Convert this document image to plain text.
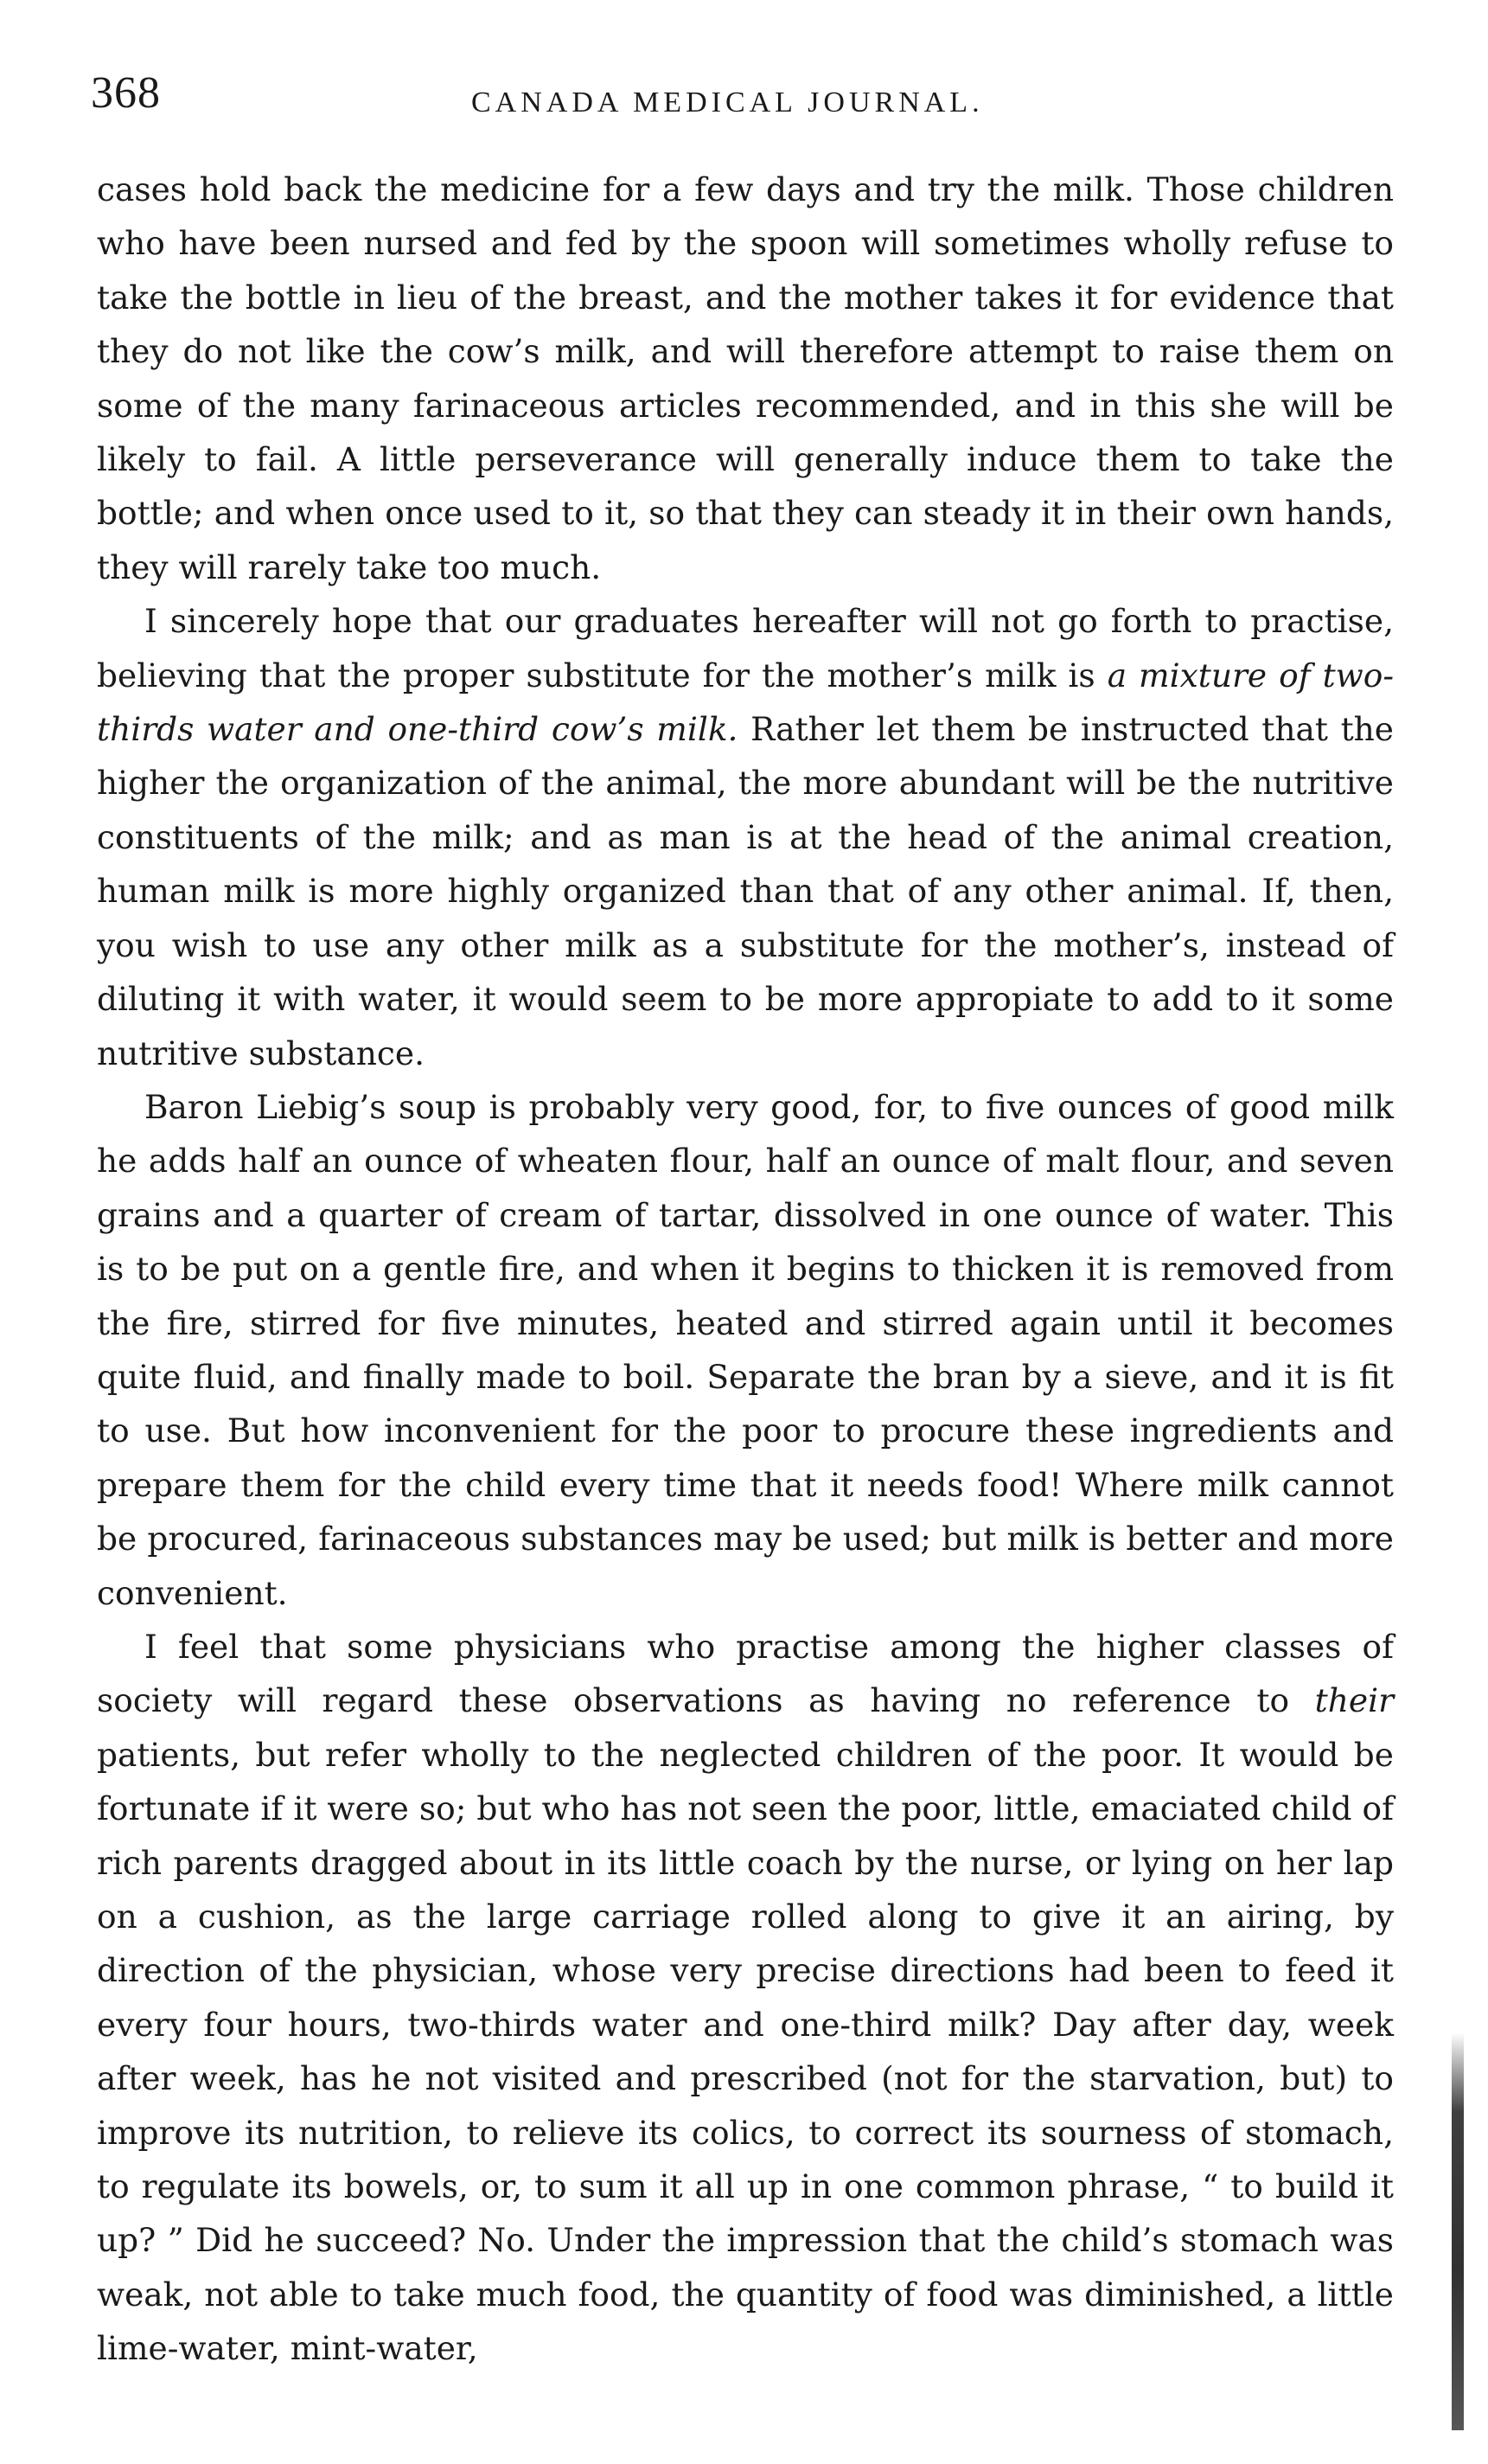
368	CANADA MEDICAL JOURNAL.

cases hold back the medicine for a few days and try the milk. Those children who have been nursed and fed by the spoon will sometimes wholly refuse to take the bottle in lieu of the breast, and the mother takes it for evidence that they do not like the cow’s milk, and will therefore attempt to raise them on some of the many farinaceous articles recommended, and in this she will be likely to fail. A little perseverance will generally induce them to take the bottle; and when once used to it, so that they can steady it in their own hands, they will rarely take too much.

I sincerely hope that our graduates hereafter will not go forth to practise, believing that the proper substitute for the mother’s milk is a mixture of two-thirds water and one-third cow’s milk. Rather let them be instructed that the higher the organization of the animal, the more abundant will be the nutritive constituents of the milk; and as man is at the head of the animal creation, human milk is more highly organized than that of any other animal. If, then, you wish to use any other milk as a substitute for the mother’s, instead of diluting it with water, it would seem to be more appropiate to add to it some nutritive substance.

Baron Liebig’s soup is probably very good, for, to five ounces of good milk he adds half an ounce of wheaten flour, half an ounce of malt flour, and seven grains and a quarter of cream of tartar, dissolved in one ounce of water. This is to be put on a gentle fire, and when it begins to thicken it is removed from the fire, stirred for five minutes, heated and stirred again until it becomes quite fluid, and finally made to boil. Separate the bran by a sieve, and it is fit to use. But how inconvenient for the poor to procure these ingredients and prepare them for the child every time that it needs food! Where milk cannot be procured, farinaceous substances may be used; but milk is better and more convenient.

I feel that some physicians who practise among the higher classes of society will regard these observations as having no reference to their patients, but refer wholly to the neglected children of the poor. It would be fortunate if it were so; but who has not seen the poor, little, emaciated child of rich parents dragged about in its little coach by the nurse, or lying on her lap on a cushion, as the large carriage rolled along to give it an airing, by direction of the physician, whose very precise directions had been to feed it every four hours, two-thirds water and one-third milk? Day after day, week after week, has he not visited and prescribed (not for the starvation, but) to improve its nutrition, to relieve its colics, to correct its sourness of stomach, to regulate its bowels, or, to sum it all up in one common phrase, “ to build it up? ” Did he succeed? No. Under the impression that the child’s stomach was weak, not able to take much food, the quantity of food was diminished, a little lime-water, mint-water,
